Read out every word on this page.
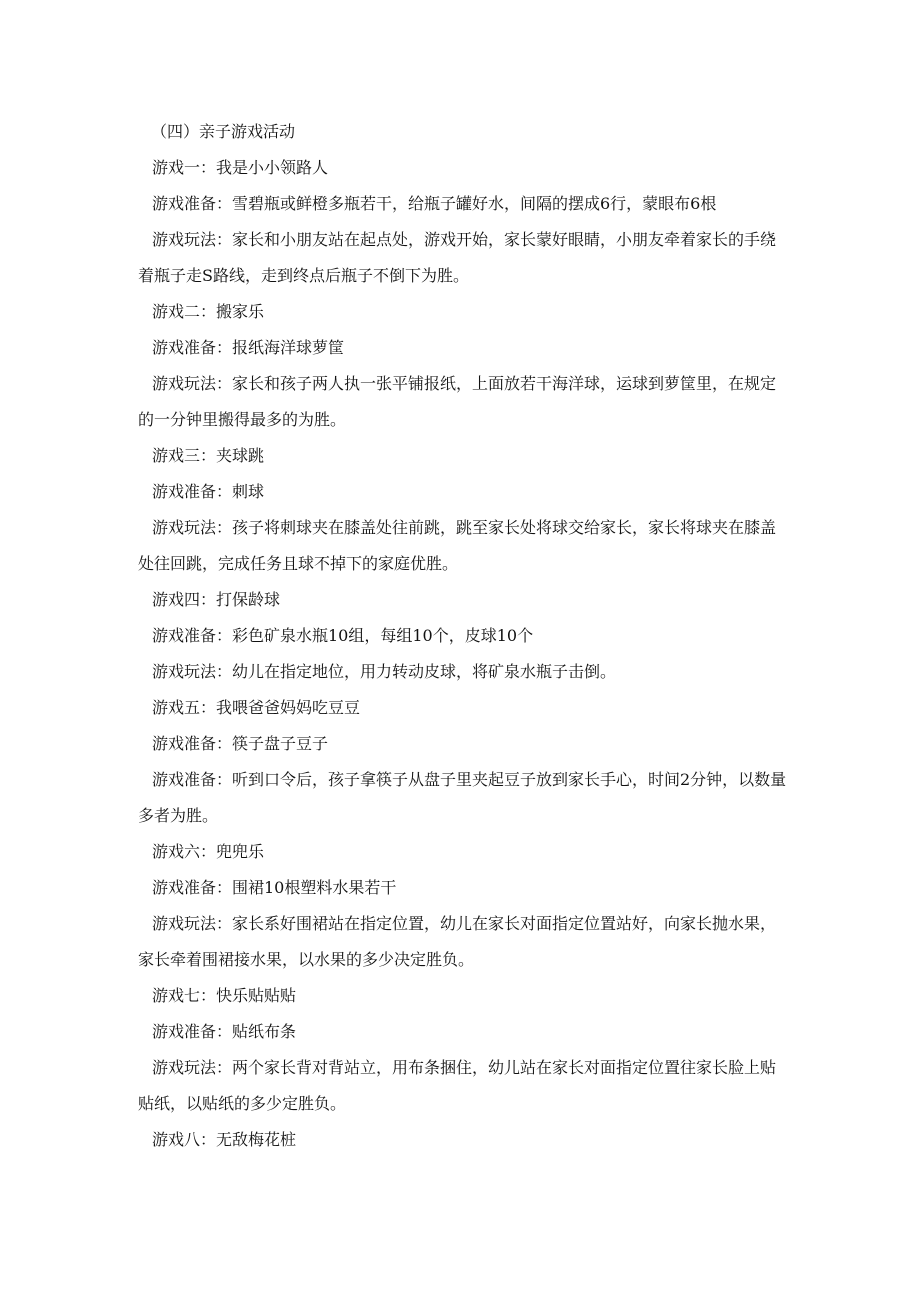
（四）亲子游戏活动

游戏一：我是小小领路人

游戏准备：雪碧瓶或鲜橙多瓶若干，给瓶子罐好水，间隔的摆成6行，蒙眼布6根

游戏玩法：家长和小朋友站在起点处，游戏开始，家长蒙好眼睛，小朋友牵着家长的手绕着瓶子走S路线，走到终点后瓶子不倒下为胜。

游戏二：搬家乐

游戏准备：报纸海洋球萝筐

游戏玩法：家长和孩子两人执一张平铺报纸，上面放若干海洋球，运球到萝筐里，在规定的一分钟里搬得最多的为胜。

游戏三：夹球跳

游戏准备：刺球

游戏玩法：孩子将刺球夹在膝盖处往前跳，跳至家长处将球交给家长，家长将球夹在膝盖处往回跳，完成任务且球不掉下的家庭优胜。

游戏四：打保龄球

游戏准备：彩色矿泉水瓶10组，每组10个，皮球10个

游戏玩法：幼儿在指定地位，用力转动皮球，将矿泉水瓶子击倒。

游戏五：我喂爸爸妈妈吃豆豆

游戏准备：筷子盘子豆子

游戏准备：听到口令后，孩子拿筷子从盘子里夹起豆子放到家长手心，时间2分钟，以数量多者为胜。

游戏六：兜兜乐

游戏准备：围裙10根塑料水果若干

游戏玩法：家长系好围裙站在指定位置，幼儿在家长对面指定位置站好，向家长抛水果，家长牵着围裙接水果，以水果的多少决定胜负。

游戏七：快乐贴贴贴

游戏准备：贴纸布条

游戏玩法：两个家长背对背站立，用布条捆住，幼儿站在家长对面指定位置往家长脸上贴贴纸，以贴纸的多少定胜负。

游戏八：无敌梅花桩
